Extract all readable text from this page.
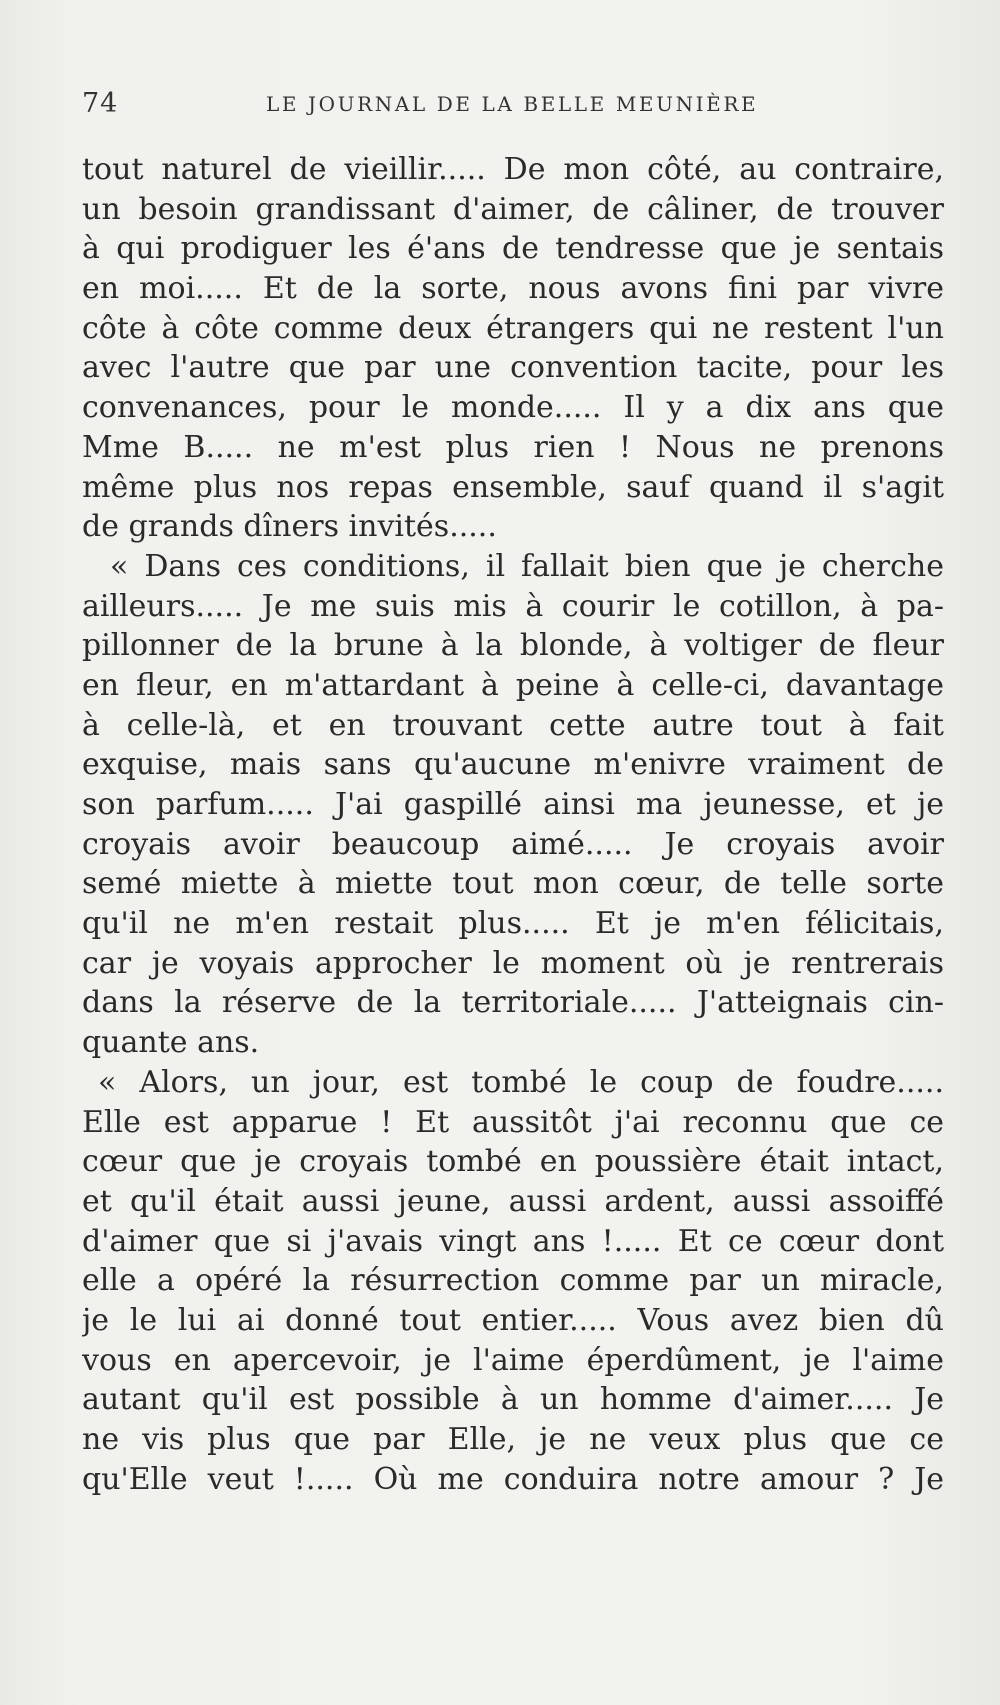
74	LE JOURNAL DE LA BELLE MEUNIÈRE
tout naturel de vieillir..... De mon côté, au contraire,
un besoin grandissant d'aimer, de câliner, de trouver
à qui prodiguer les é'ans de tendresse que je sentais
en moi..... Et de la sorte, nous avons fini par vivre
côte à côte comme deux étrangers qui ne restent l'un
avec l'autre que par une convention tacite, pour les
convenances, pour le monde..... Il y a dix ans que
Mme B..... ne m'est plus rien ! Nous ne prenons
même plus nos repas ensemble, sauf quand il s'agit
de grands dîners invités.....
« Dans ces conditions, il fallait bien que je cherche
ailleurs..... Je me suis mis à courir le cotillon, à pa-
pillonner de la brune à la blonde, à voltiger de fleur
en fleur, en m'attardant à peine à celle-ci, davantage
à celle-là, et en trouvant cette autre tout à fait
exquise, mais sans qu'aucune m'enivre vraiment de
son parfum..... J'ai gaspillé ainsi ma jeunesse, et je
croyais avoir beaucoup aimé..... Je croyais avoir
semé miette à miette tout mon cœur, de telle sorte
qu'il ne m'en restait plus..... Et je m'en félicitais,
car je voyais approcher le moment où je rentrerais
dans la réserve de la territoriale..... J'atteignais cin-
quante ans.
« Alors, un jour, est tombé le coup de foudre.....
Elle est apparue ! Et aussitôt j'ai reconnu que ce
cœur que je croyais tombé en poussière était intact,
et qu'il était aussi jeune, aussi ardent, aussi assoiffé
d'aimer que si j'avais vingt ans !..... Et ce cœur dont
elle a opéré la résurrection comme par un miracle,
je le lui ai donné tout entier..... Vous avez bien dû
vous en apercevoir, je l'aime éperdûment, je l'aime
autant qu'il est possible à un homme d'aimer..... Je
ne vis plus que par Elle, je ne veux plus que ce
qu'Elle veut !..... Où me conduira notre amour ? Je
